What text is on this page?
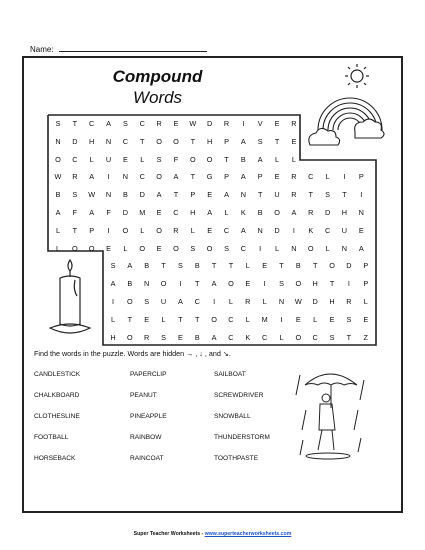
Name:
Compound
Words
S	T	C	A	S	C	R	E	W	D	R	I	V	E	R
N	D	H	N	C	T	O O	T	H	P	A	S	T	E
O	C	L	U	E	L	S	F	O O	T	B	A	L	L
W	R	A	I	N	C	O	A	T	G	P	A	P	E	R	C	L	I	P
B	S	W	N	B	D	A	T	P	E	A	N	T	U	R	T	S	T	I
A	F	A	F	D	M	E	C	H	A	L	K	B	O	A	R	D	H	N
L	T	P	I	O	L	O	R	L	E	C	A	N	D	I	K	C	U	E
L	O O	E	L	O	E	O	S	O	S	C	I	L	N	O	L	N	A
S	A	B	T	S	B	T	T	L	E	T	B	T	O	D	P
A	B	N	O	I	T	A	O	E	I	S	O	H	T	I	P
I	O	S	U	A	C	I	L	R	L	N	W	D	H	R	L
L	T	E	L	T	T	O	C	L	M	I	E	L	E	S	E
H	O	R	S	E	B	A	C	K	C	L	O	C	S	T	Z
Find the words in the puzzle. Words are hidden → , ↓ , and ↘.
CANDLESTICK	PAPERCLIP	SAILBOAT
CHALKBOARD	PEANUT	SCREWDRIVER
CLOTHESLINE	PINEAPPLE	SNOWBALL
FOOTBALL	RAINBOW	THUNDERSTORM
HORSEBACK	RAINCOAT	TOOTHPASTE
Super Teacher Worksheets - www.superteacherworksheets.com
